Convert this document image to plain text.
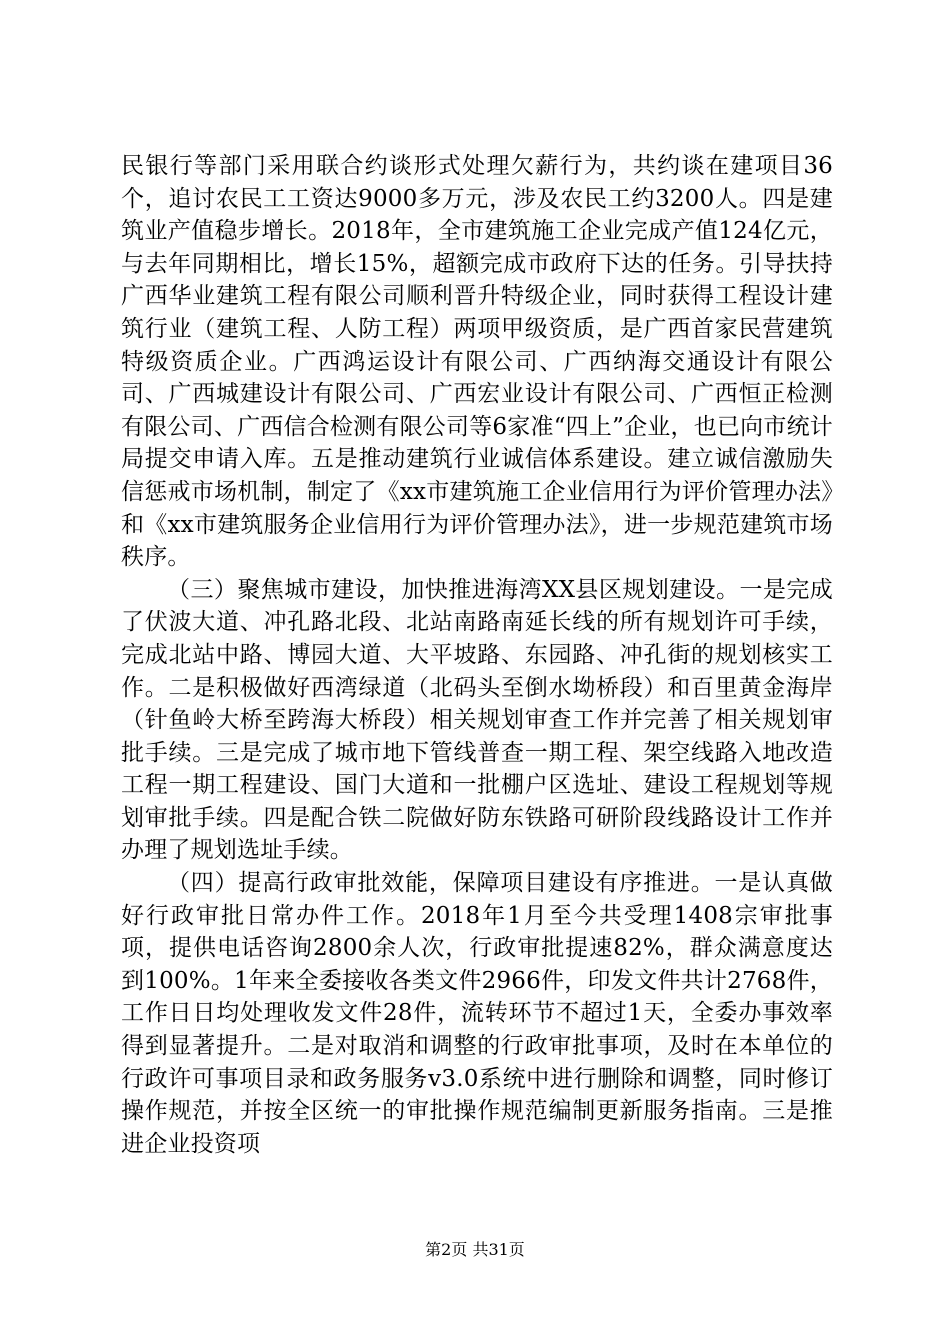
民银行等部门采用联合约谈形式处理欠薪行为，共约谈在建项目36个，追讨农民工工资达9000多万元，涉及农民工约3200人。四是建筑业产值稳步增长。2018年，全市建筑施工企业完成产值124亿元，与去年同期相比，增长15%，超额完成市政府下达的任务。引导扶持广西华业建筑工程有限公司顺利晋升特级企业，同时获得工程设计建筑行业（建筑工程、人防工程）两项甲级资质，是广西首家民营建筑特级资质企业。广西鸿运设计有限公司、广西纳海交通设计有限公司、广西城建设计有限公司、广西宏业设计有限公司、广西恒正检测有限公司、广西信合检测有限公司等6家准“四上”企业，也已向市统计局提交申请入库。五是推动建筑行业诚信体系建设。建立诚信激励失信惩戒市场机制，制定了《xx市建筑施工企业信用行为评价管理办法》和《xx市建筑服务企业信用行为评价管理办法》，进一步规范建筑市场秩序。

（三）聚焦城市建设，加快推进海湾XX县区规划建设。一是完成了伏波大道、冲孔路北段、北站南路南延长线的所有规划许可手续，完成北站中路、博园大道、大平坡路、东园路、冲孔街的规划核实工作。二是积极做好西湾绿道（北码头至倒水坳桥段）和百里黄金海岸（针鱼岭大桥至跨海大桥段）相关规划审查工作并完善了相关规划审批手续。三是完成了城市地下管线普查一期工程、架空线路入地改造工程一期工程建设、国门大道和一批棚户区选址、建设工程规划等规划审批手续。四是配合铁二院做好防东铁路可研阶段线路设计工作并办理了规划选址手续。

（四）提高行政审批效能，保障项目建设有序推进。一是认真做好行政审批日常办件工作。2018年1月至今共受理1408宗审批事项，提供电话咨询2800余人次，行政审批提速82%，群众满意度达到100%。1年来全委接收各类文件2966件，印发文件共计2768件，工作日日均处理收发文件28件，流转环节不超过1天，全委办事效率得到显著提升。二是对取消和调整的行政审批事项，及时在本单位的行政许可事项目录和政务服务v3.0系统中进行删除和调整，同时修订操作规范，并按全区统一的审批操作规范编制更新服务指南。三是推进企业投资项

第2页 共31页
